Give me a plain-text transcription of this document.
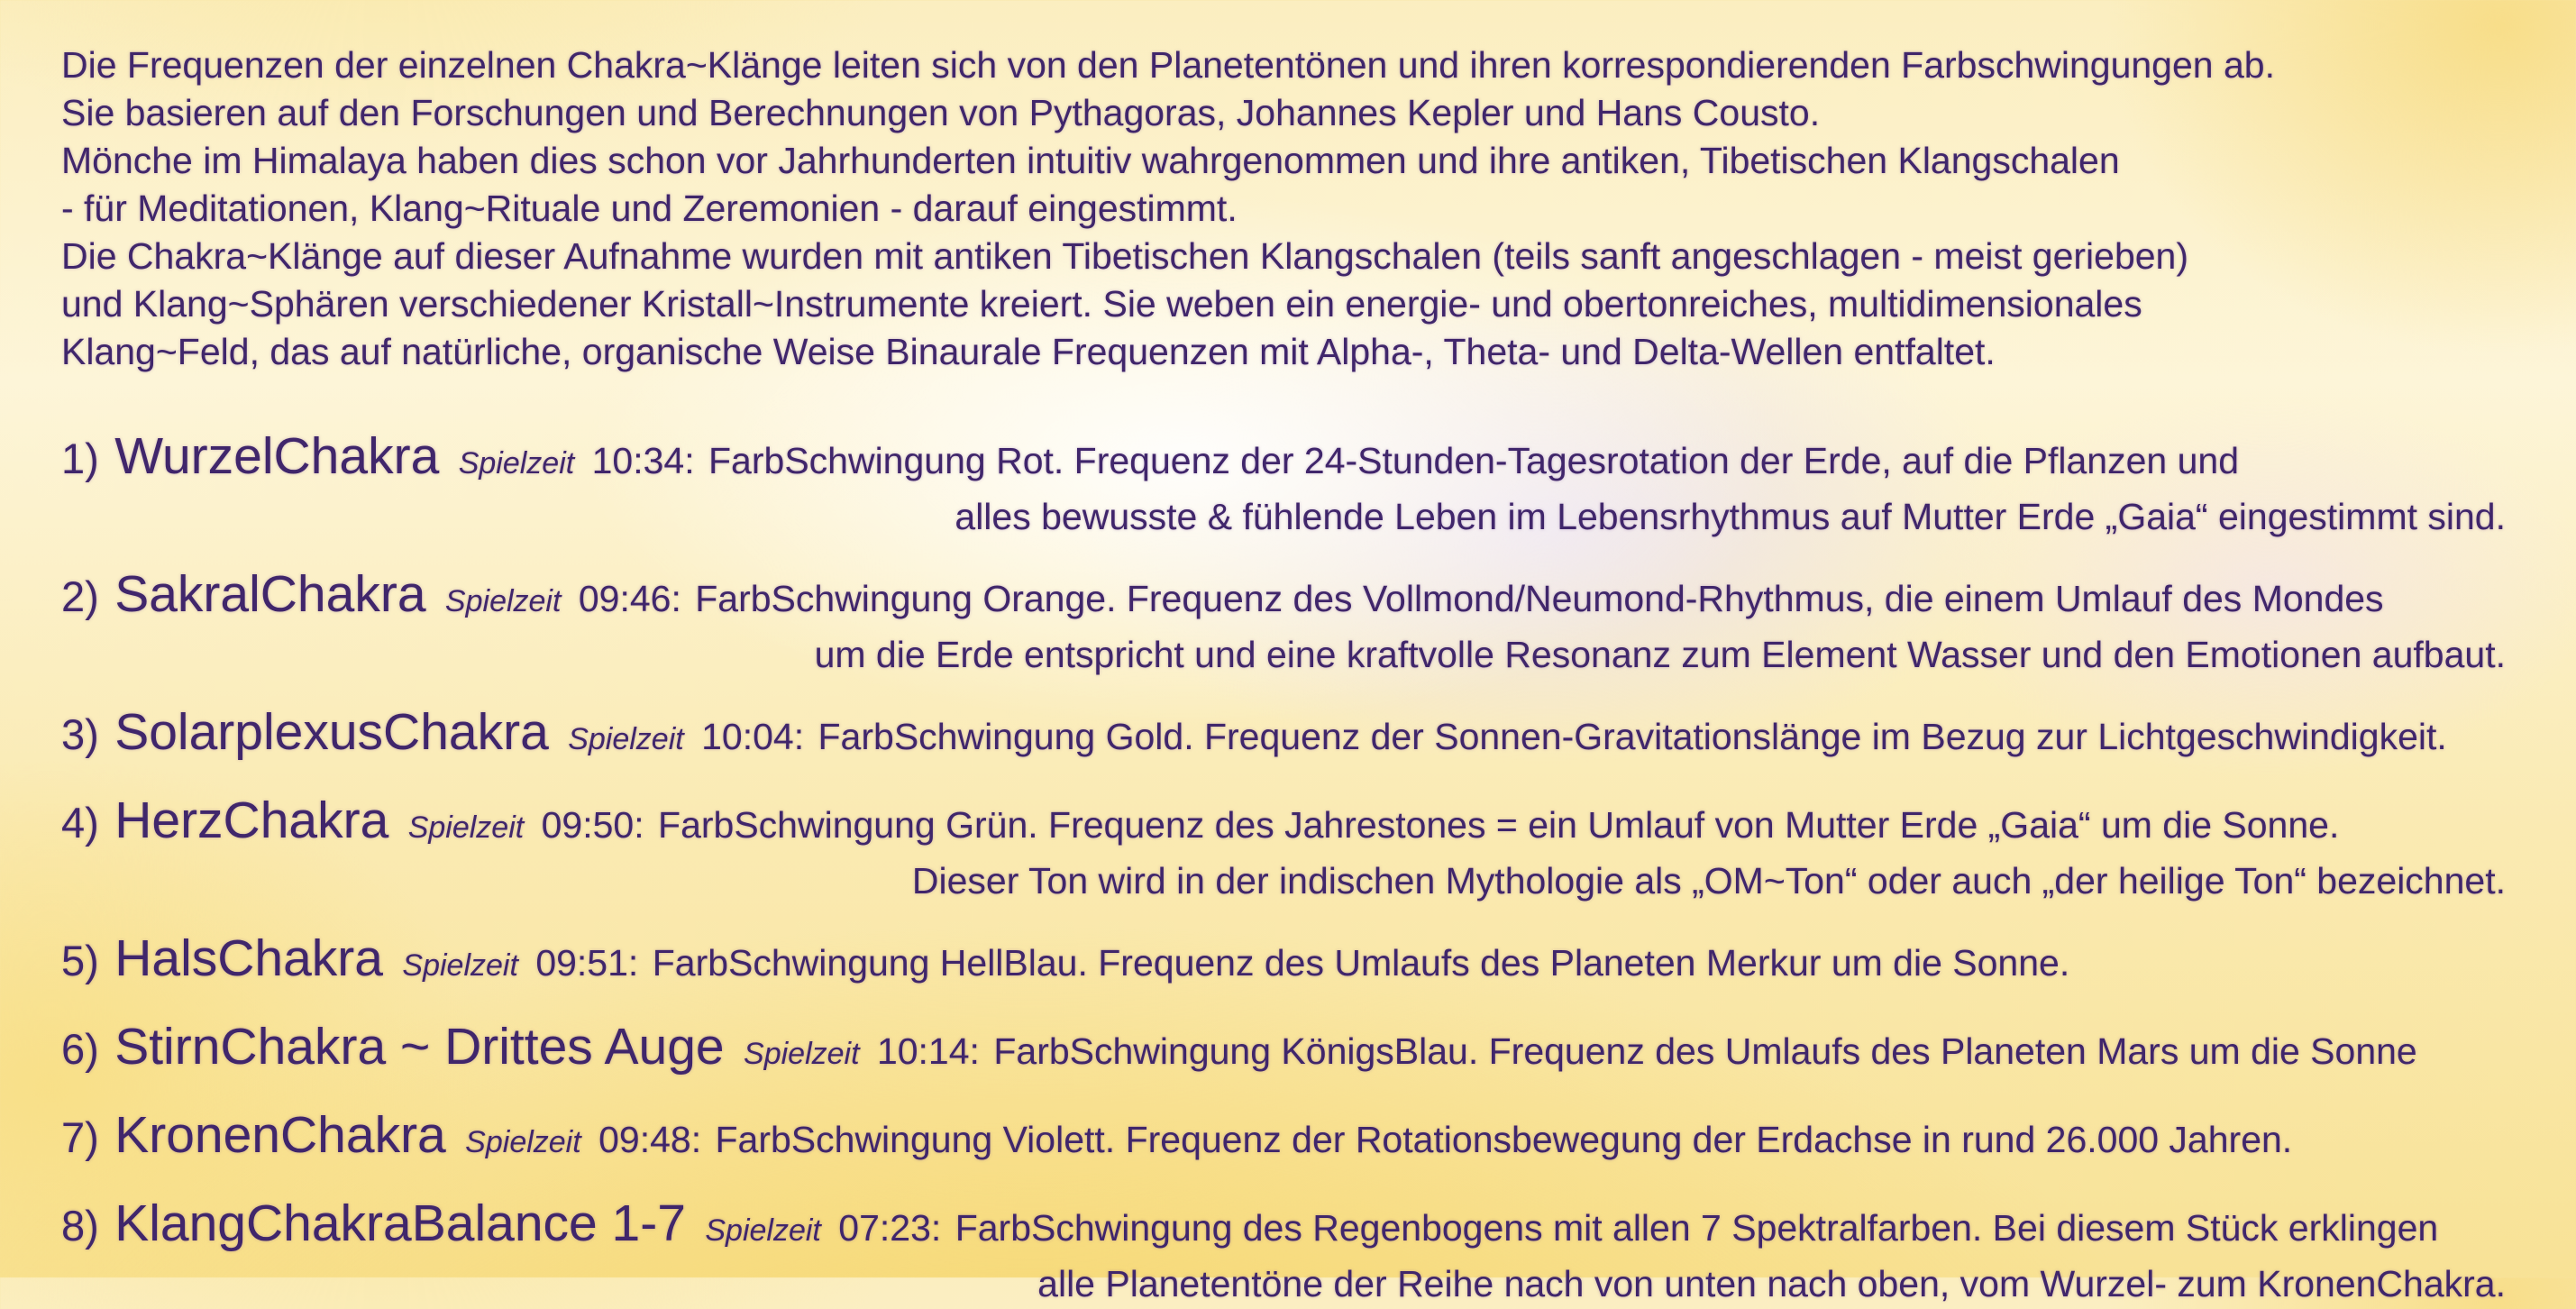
Die Frequenzen der einzelnen Chakra~Klänge leiten sich von den Planetentönen und ihren korrespondierenden Farbschwingungen ab.
Sie basieren auf den Forschungen und Berechnungen von Pythagoras, Johannes Kepler und Hans Cousto.
Mönche im Himalaya haben dies schon vor Jahrhunderten intuitiv wahrgenommen und ihre antiken, Tibetischen Klangschalen
- für Meditationen, Klang~Rituale und Zeremonien - darauf eingestimmt.
Die Chakra~Klänge auf dieser Aufnahme wurden mit antiken Tibetischen Klangschalen (teils sanft angeschlagen - meist gerieben)
und Klang~Sphären verschiedener Kristall~Instrumente kreiert. Sie weben ein energie- und obertonreiches, multidimensionales
Klang~Feld, das auf natürliche, organische Weise Binaurale Frequenzen mit Alpha-, Theta- und Delta-Wellen entfaltet.
1) WurzelChakra Spielzeit 10:34: FarbSchwingung Rot. Frequenz der 24-Stunden-Tagesrotation der Erde, auf die Pflanzen und
alles bewusste & fühlende Leben im Lebensrhythmus auf Mutter Erde „Gaia“ eingestimmt sind.
2) SakralChakra Spielzeit 09:46: FarbSchwingung Orange. Frequenz des Vollmond/Neumond-Rhythmus, die einem Umlauf des Mondes
um die Erde entspricht und eine kraftvolle Resonanz zum Element Wasser und den Emotionen aufbaut.
3) SolarplexusChakra Spielzeit 10:04: FarbSchwingung Gold. Frequenz der Sonnen-Gravitationslänge im Bezug zur Lichtgeschwindigkeit.
4) HerzChakra Spielzeit 09:50: FarbSchwingung Grün. Frequenz des Jahrestones = ein Umlauf von Mutter Erde „Gaia“ um die Sonne.
Dieser Ton wird in der indischen Mythologie als „OM~Ton“ oder auch „der heilige Ton“ bezeichnet.
5) HalsChakra Spielzeit 09:51: FarbSchwingung HellBlau. Frequenz des Umlaufs des Planeten Merkur um die Sonne.
6) StirnChakra ~ Drittes Auge Spielzeit 10:14: FarbSchwingung KönigsBlau. Frequenz des Umlaufs des Planeten Mars um die Sonne
7) KronenChakra Spielzeit 09:48: FarbSchwingung Violett. Frequenz der Rotationsbewegung der Erdachse in rund 26.000 Jahren.
8) KlangChakraBalance 1-7 Spielzeit 07:23: FarbSchwingung des Regenbogens mit allen 7 Spektralfarben. Bei diesem Stück erklingen
alle Planetentöne der Reihe nach von unten nach oben, vom Wurzel- zum KronenChakra.
